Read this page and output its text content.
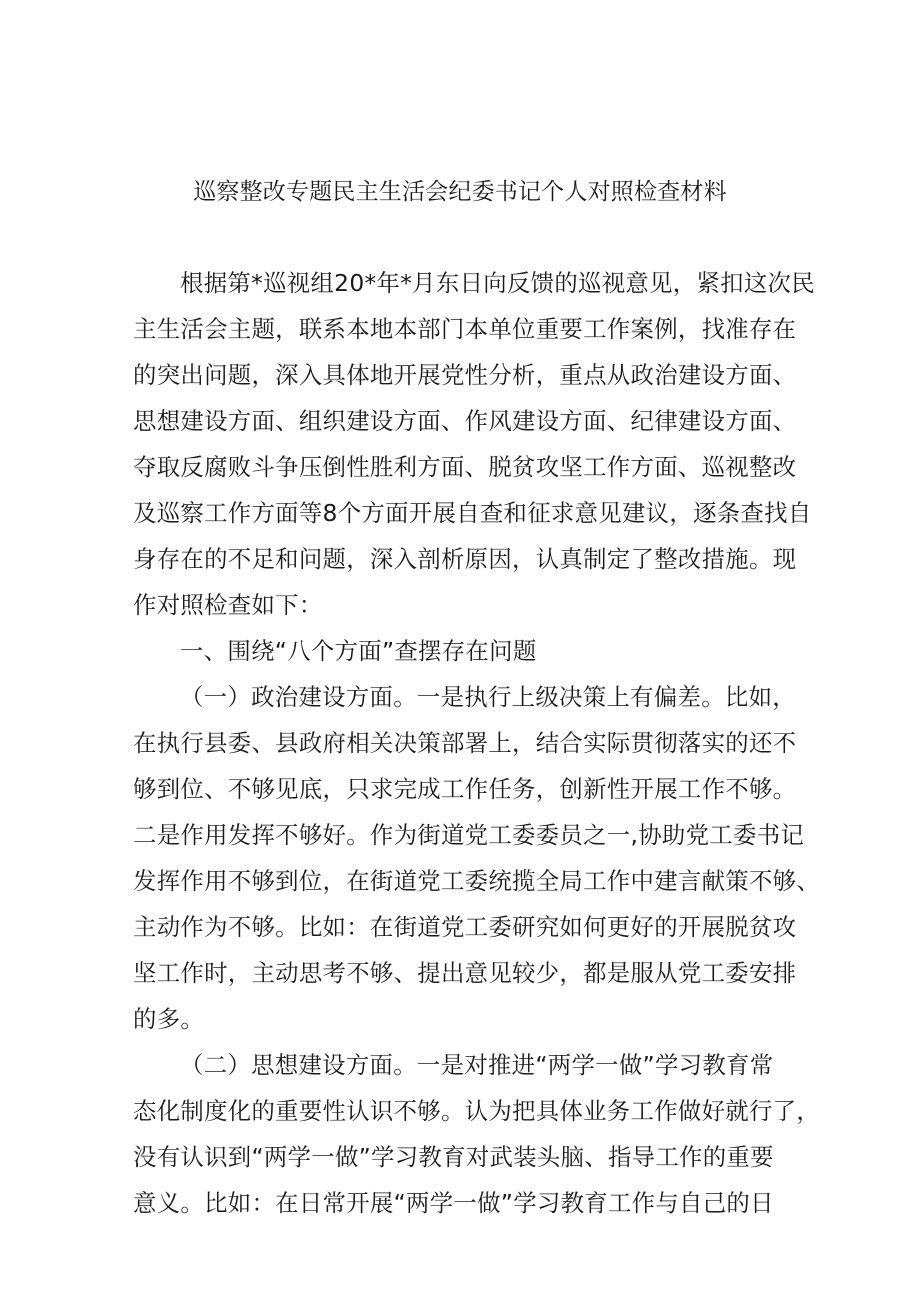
巡察整改专题民主生活会纪委书记个人对照检查材料
根据第*巡视组20*年*月东日向反馈的巡视意见，紧扣这次民
主生活会主题，联系本地本部门本单位重要工作案例，找准存在
的突出问题，深入具体地开展党性分析，重点从政治建设方面、
思想建设方面、组织建设方面、作风建设方面、纪律建设方面、
夺取反腐败斗争压倒性胜利方面、脱贫攻坚工作方面、巡视整改
及巡察工作方面等8个方面开展自查和征求意见建议，逐条查找自
身存在的不足和问题，深入剖析原因，认真制定了整改措施。现
作对照检查如下：
一、围绕“八个方面”查摆存在问题
（一）政治建设方面。一是执行上级决策上有偏差。比如，
在执行县委、县政府相关决策部署上，结合实际贯彻落实的还不
够到位、不够见底，只求完成工作任务，创新性开展工作不够。
二是作用发挥不够好。作为街道党工委委员之一,协助党工委书记
发挥作用不够到位，在街道党工委统揽全局工作中建言献策不够、
主动作为不够。比如：在街道党工委研究如何更好的开展脱贫攻
坚工作时，主动思考不够、提出意见较少，都是服从党工委安排
的多。
（二）思想建设方面。一是对推进“两学一做”学习教育常
态化制度化的重要性认识不够。认为把具体业务工作做好就行了，
没有认识到“两学一做”学习教育对武装头脑、指导工作的重要
意义。比如：在日常开展“两学一做”学习教育工作与自己的日
